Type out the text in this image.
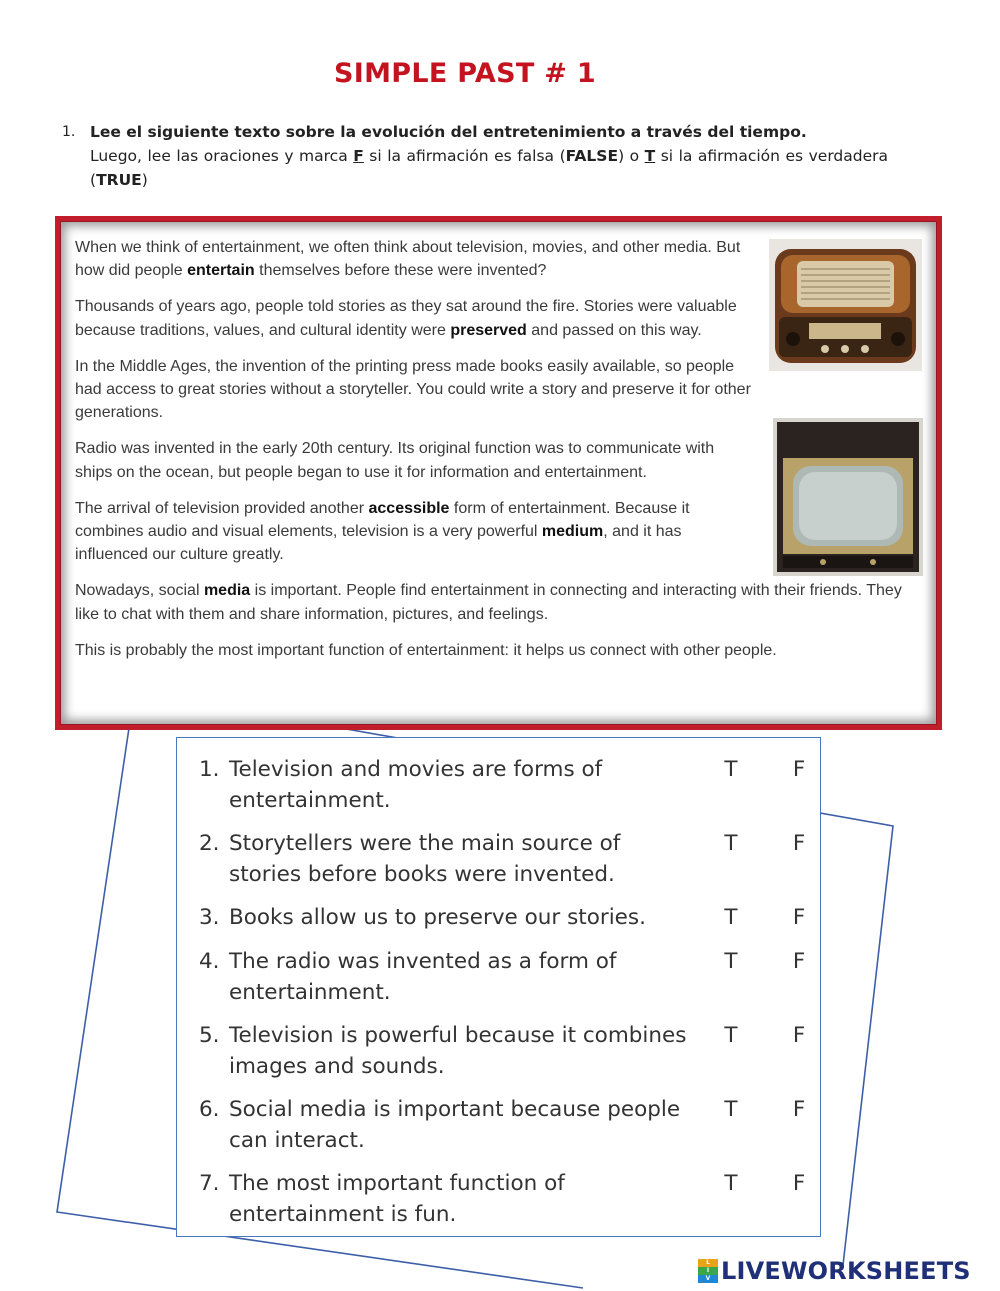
SIMPLE PAST # 1
1. Lee el siguiente texto sobre la evolución del entretenimiento a través del tiempo.
Luego, lee las oraciones y marca F si la afirmación es falsa (FALSE) o T si la afirmación es verdadera (TRUE)

When we think of entertainment, we often think about television, movies, and other media. But how did people entertain themselves before these were invented?

Thousands of years ago, people told stories as they sat around the fire. Stories were valuable because traditions, values, and cultural identity were preserved and passed on this way.

In the Middle Ages, the invention of the printing press made books easily available, so people had access to great stories without a storyteller. You could write a story and preserve it for other generations.

Radio was invented in the early 20th century. Its original function was to communicate with ships on the ocean, but people began to use it for information and entertainment.

The arrival of television provided another accessible form of entertainment. Because it combines audio and visual elements, television is a very powerful medium, and it has influenced our culture greatly.

Nowadays, social media is important. People find entertainment in connecting and interacting with their friends. They like to chat with them and share information, pictures, and feelings.

This is probably the most important function of entertainment: it helps us connect with other people.

1. Television and movies are forms of entertainment.
T	F
2. Storytellers were the main source of stories before books were invented.
T	F
3. Books allow us to preserve our stories.	T	F
4. The radio was invented as a form of entertainment.
T	F
5. Television is powerful because it combines images and sounds.
T	F
6. Social media is important because people can interact.
T	F
7. The most important function of entertainment is fun.
T	F
L
I
V LIVEWORKSHEETS
